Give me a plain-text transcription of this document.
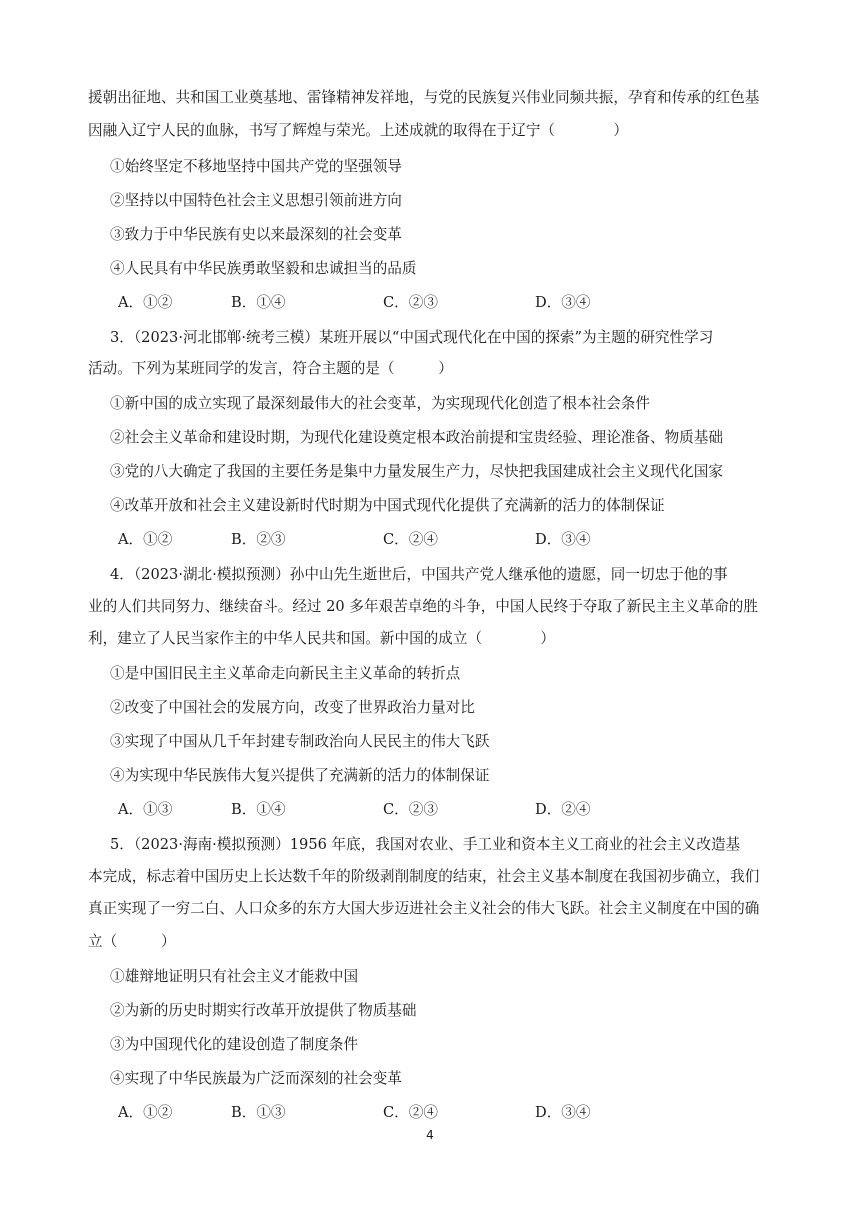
援朝出征地、共和国工业奠基地、雷锋精神发祥地，与党的民族复兴伟业同频共振，孕育和传承的红色基
因融入辽宁人民的血脉，书写了辉煌与荣光。上述成就的取得在于辽宁（　　　　）
①始终坚定不移地坚持中国共产党的坚强领导
②坚持以中国特色社会主义思想引领前进方向
③致力于中华民族有史以来最深刻的社会变革
④人民具有中华民族勇敢坚毅和忠诚担当的品质
A．①②	B．①④	C．②③	D．③④
3．（2023·河北邯郸·统考三模）某班开展以“中国式现代化在中国的探索”为主题的研究性学习
活动。下列为某班同学的发言，符合主题的是（　　　）
①新中国的成立实现了最深刻最伟大的社会变革，为实现现代化创造了根本社会条件
②社会主义革命和建设时期，为现代化建设奠定根本政治前提和宝贵经验、理论准备、物质基础
③党的八大确定了我国的主要任务是集中力量发展生产力，尽快把我国建成社会主义现代化国家
④改革开放和社会主义建设新时代时期为中国式现代化提供了充满新的活力的体制保证
A．①②	B．②③	C．②④	D．③④
4．（2023·湖北·模拟预测）孙中山先生逝世后，中国共产党人继承他的遗愿，同一切忠于他的事
业的人们共同努力、继续奋斗。经过 20 多年艰苦卓绝的斗争，中国人民终于夺取了新民主主义革命的胜
利，建立了人民当家作主的中华人民共和国。新中国的成立（　　　　）
①是中国旧民主主义革命走向新民主主义革命的转折点
②改变了中国社会的发展方向，改变了世界政治力量对比
③实现了中国从几千年封建专制政治向人民民主的伟大飞跃
④为实现中华民族伟大复兴提供了充满新的活力的体制保证
A．①③	B．①④	C．②③	D．②④
5．（2023·海南·模拟预测）1956 年底，我国对农业、手工业和资本主义工商业的社会主义改造基
本完成，标志着中国历史上长达数千年的阶级剥削制度的结束，社会主义基本制度在我国初步确立，我们
真正实现了一穷二白、人口众多的东方大国大步迈进社会主义社会的伟大飞跃。社会主义制度在中国的确
立（　　　）
①雄辩地证明只有社会主义才能救中国
②为新的历史时期实行改革开放提供了物质基础
③为中国现代化的建设创造了制度条件
④实现了中华民族最为广泛而深刻的社会变革
A．①②	B．①③	C．②④	D．③④
4
